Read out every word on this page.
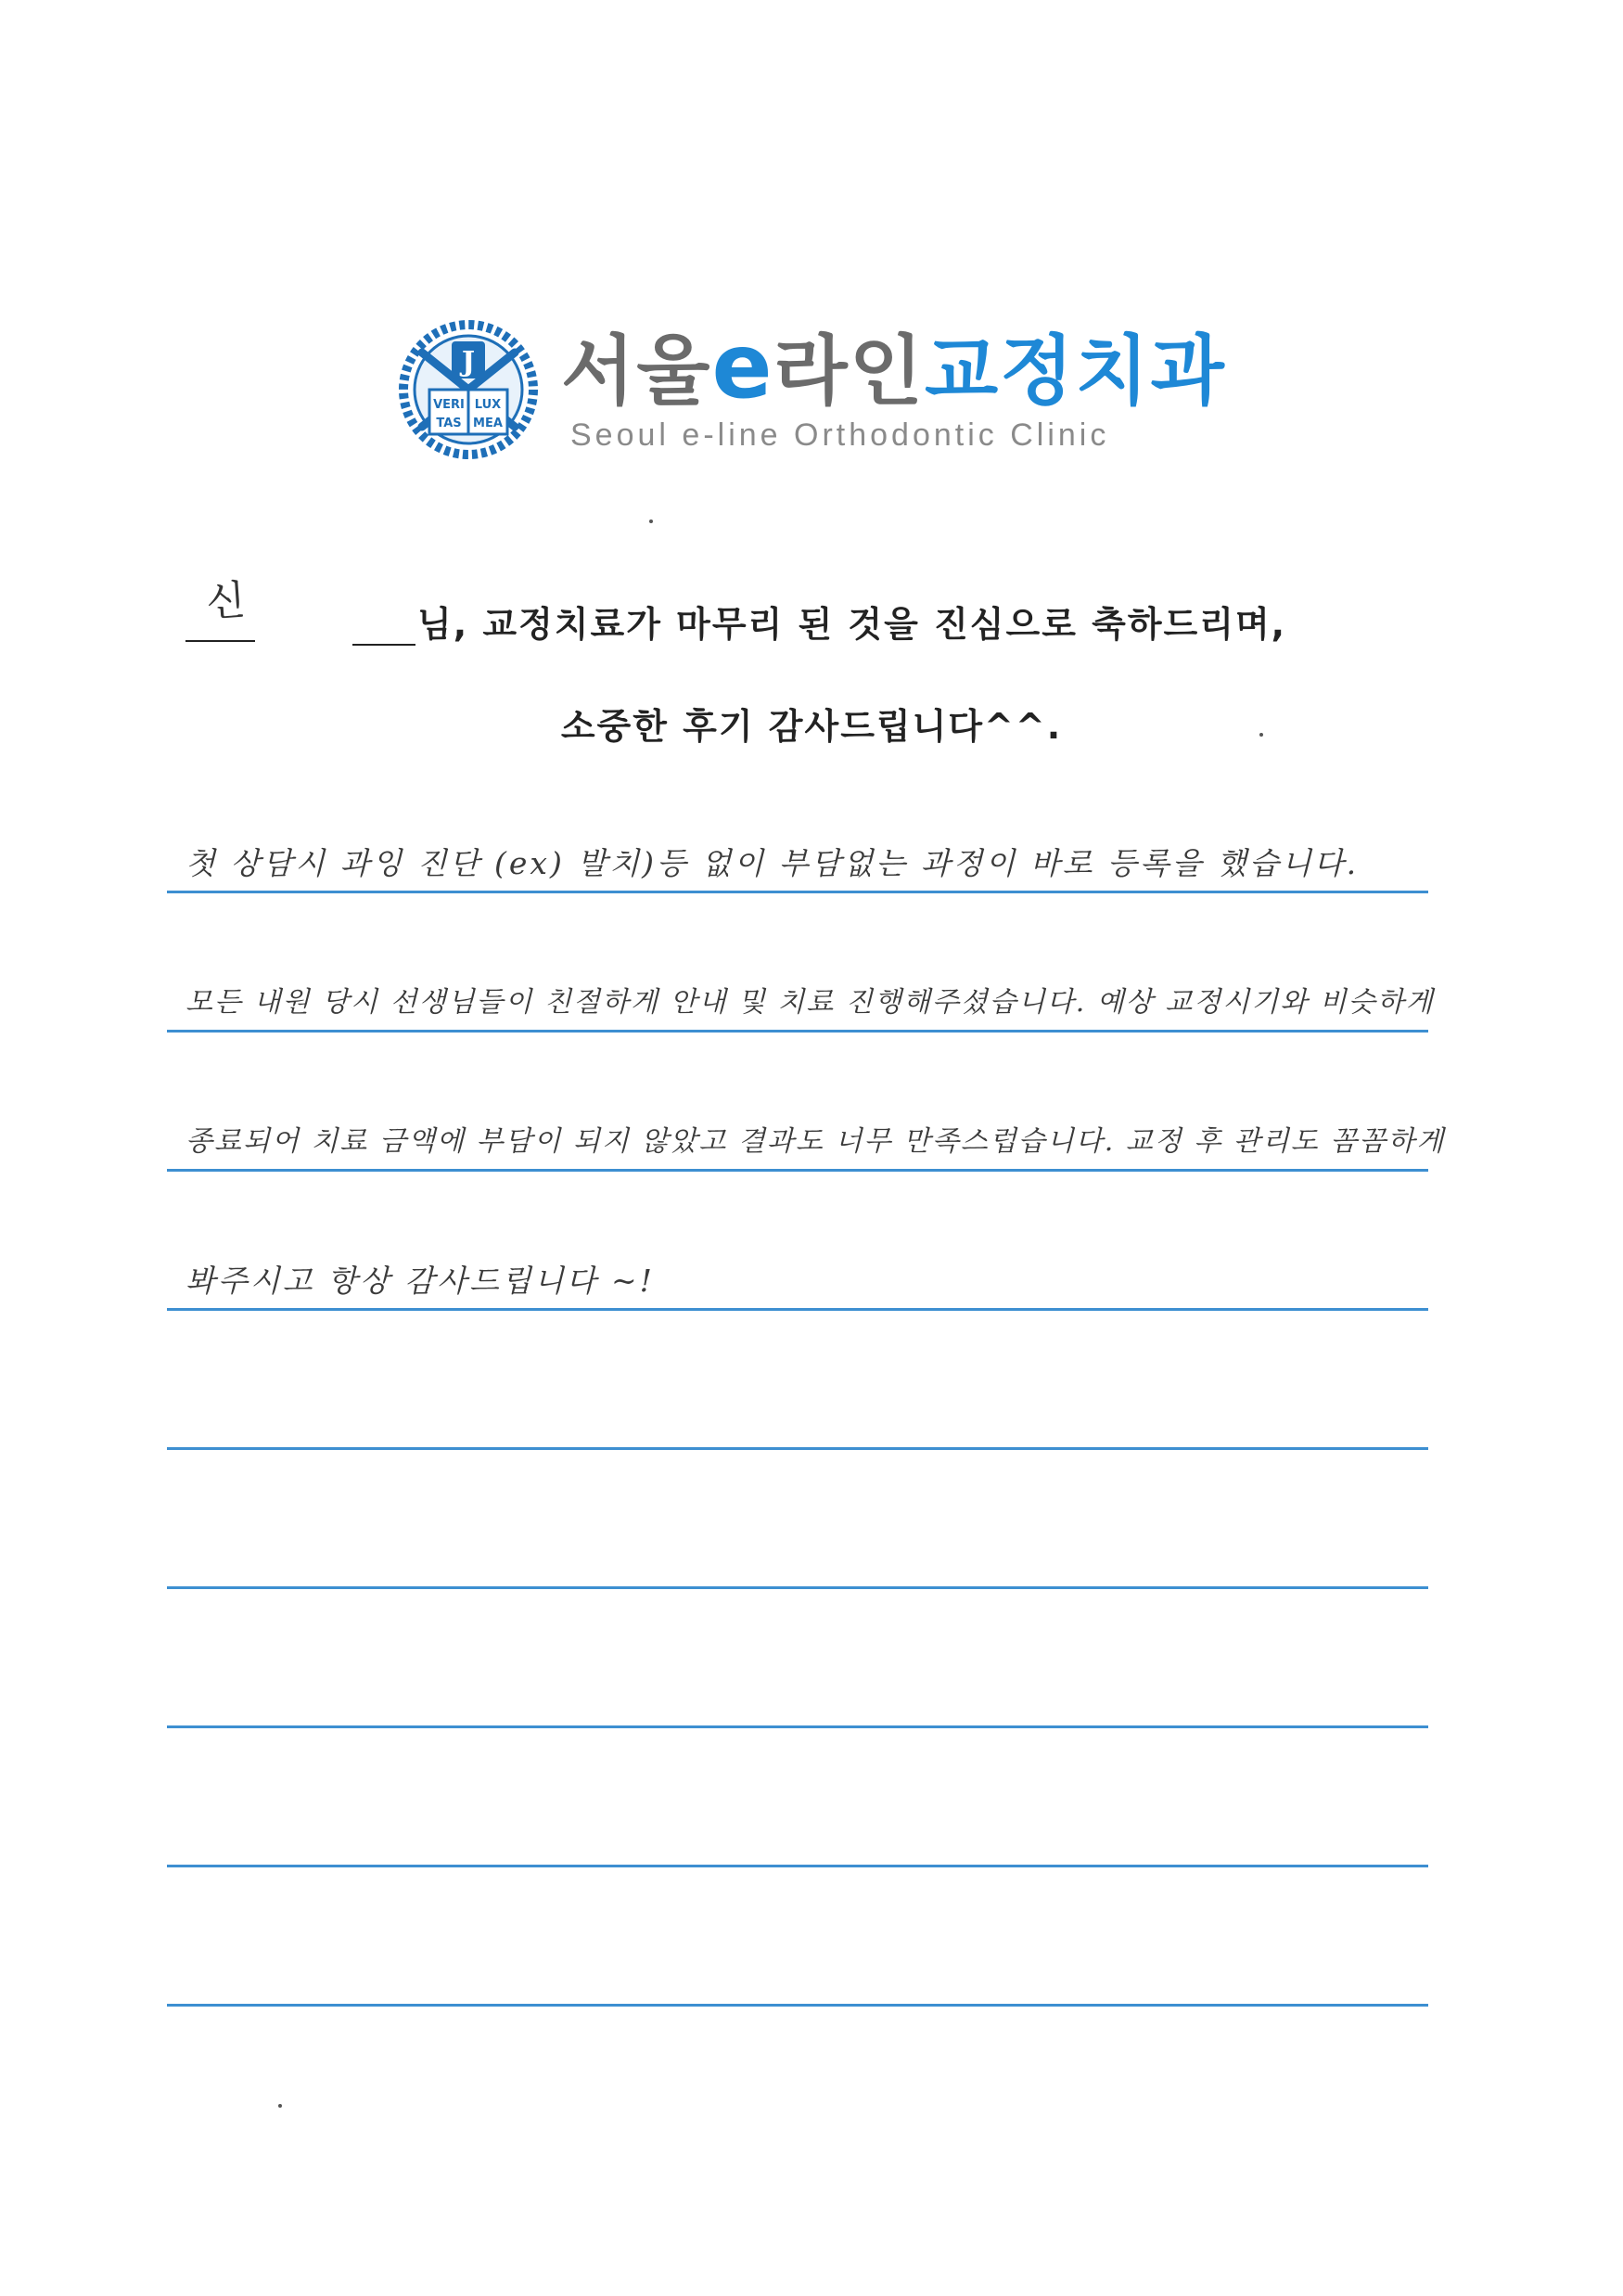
J
VERI LUX
TAS MEA
서울e라인교정치과
Seoul e-line Orthodontic Clinic
신	님, 교정치료가 마무리 된 것을 진심으로 축하드리며,
소중한 후기 감사드립니다^^.
첫 상담시 과잉 진단 (ex) 발치)등 없이 부담없는 과정이 바로 등록을 했습니다.
모든 내원 당시 선생님들이 친절하게 안내 및 치료 진행해주셨습니다. 예상 교정시기와 비슷하게
종료되어 치료 금액에 부담이 되지 않았고 결과도 너무 만족스럽습니다. 교정 후 관리도 꼼꼼하게
봐주시고 항상 감사드립니다 ~!
